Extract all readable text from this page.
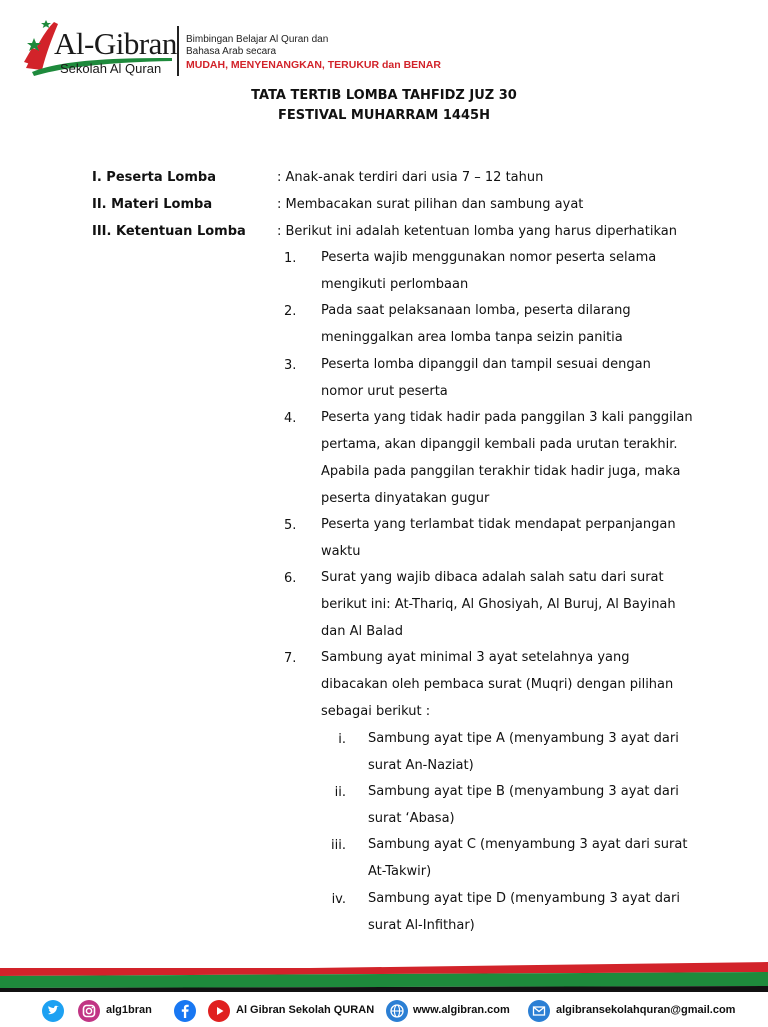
Al-Gibran
Sekolah Al Quran
Bimbingan Belajar Al Quran dan
Bahasa Arab secara
MUDAH, MENYENANGKAN, TERUKUR dan BENAR
TATA TERTIB LOMBA TAHFIDZ JUZ 30
FESTIVAL MUHARRAM 1445H
I. Peserta Lomba	: Anak-anak terdiri dari usia 7 – 12 tahun
II. Materi Lomba	: Membacakan surat pilihan dan sambung ayat
III. Ketentuan Lomba : Berikut ini adalah ketentuan lomba yang harus diperhatikan
1. Peserta wajib menggunakan nomor peserta selama
mengikuti perlombaan
2. Pada saat pelaksanaan lomba, peserta dilarang
meninggalkan area lomba tanpa seizin panitia
3. Peserta lomba dipanggil dan tampil sesuai dengan
nomor urut peserta
4. Peserta yang tidak hadir pada panggilan 3 kali panggilan
pertama, akan dipanggil kembali pada urutan terakhir.
Apabila pada panggilan terakhir tidak hadir juga, maka
peserta dinyatakan gugur
5. Peserta yang terlambat tidak mendapat perpanjangan
waktu
6. Surat yang wajib dibaca adalah salah satu dari surat
berikut ini: At-Thariq, Al Ghosiyah, Al Buruj, Al Bayinah
dan Al Balad
7. Sambung ayat minimal 3 ayat setelahnya yang
dibacakan oleh pembaca surat (Muqri) dengan pilihan
sebagai berikut :
i. Sambung ayat tipe A (menyambung 3 ayat dari
surat An-Naziat)
ii. Sambung ayat tipe B (menyambung 3 ayat dari
surat ‘Abasa)
iii. Sambung ayat C (menyambung 3 ayat dari surat
At-Takwir)
iv. Sambung ayat tipe D (menyambung 3 ayat dari
surat Al-Infithar)
alg1bran	Al Gibran Sekolah QURAN	www.algibran.com	algibransekolahquran@gmail.com
